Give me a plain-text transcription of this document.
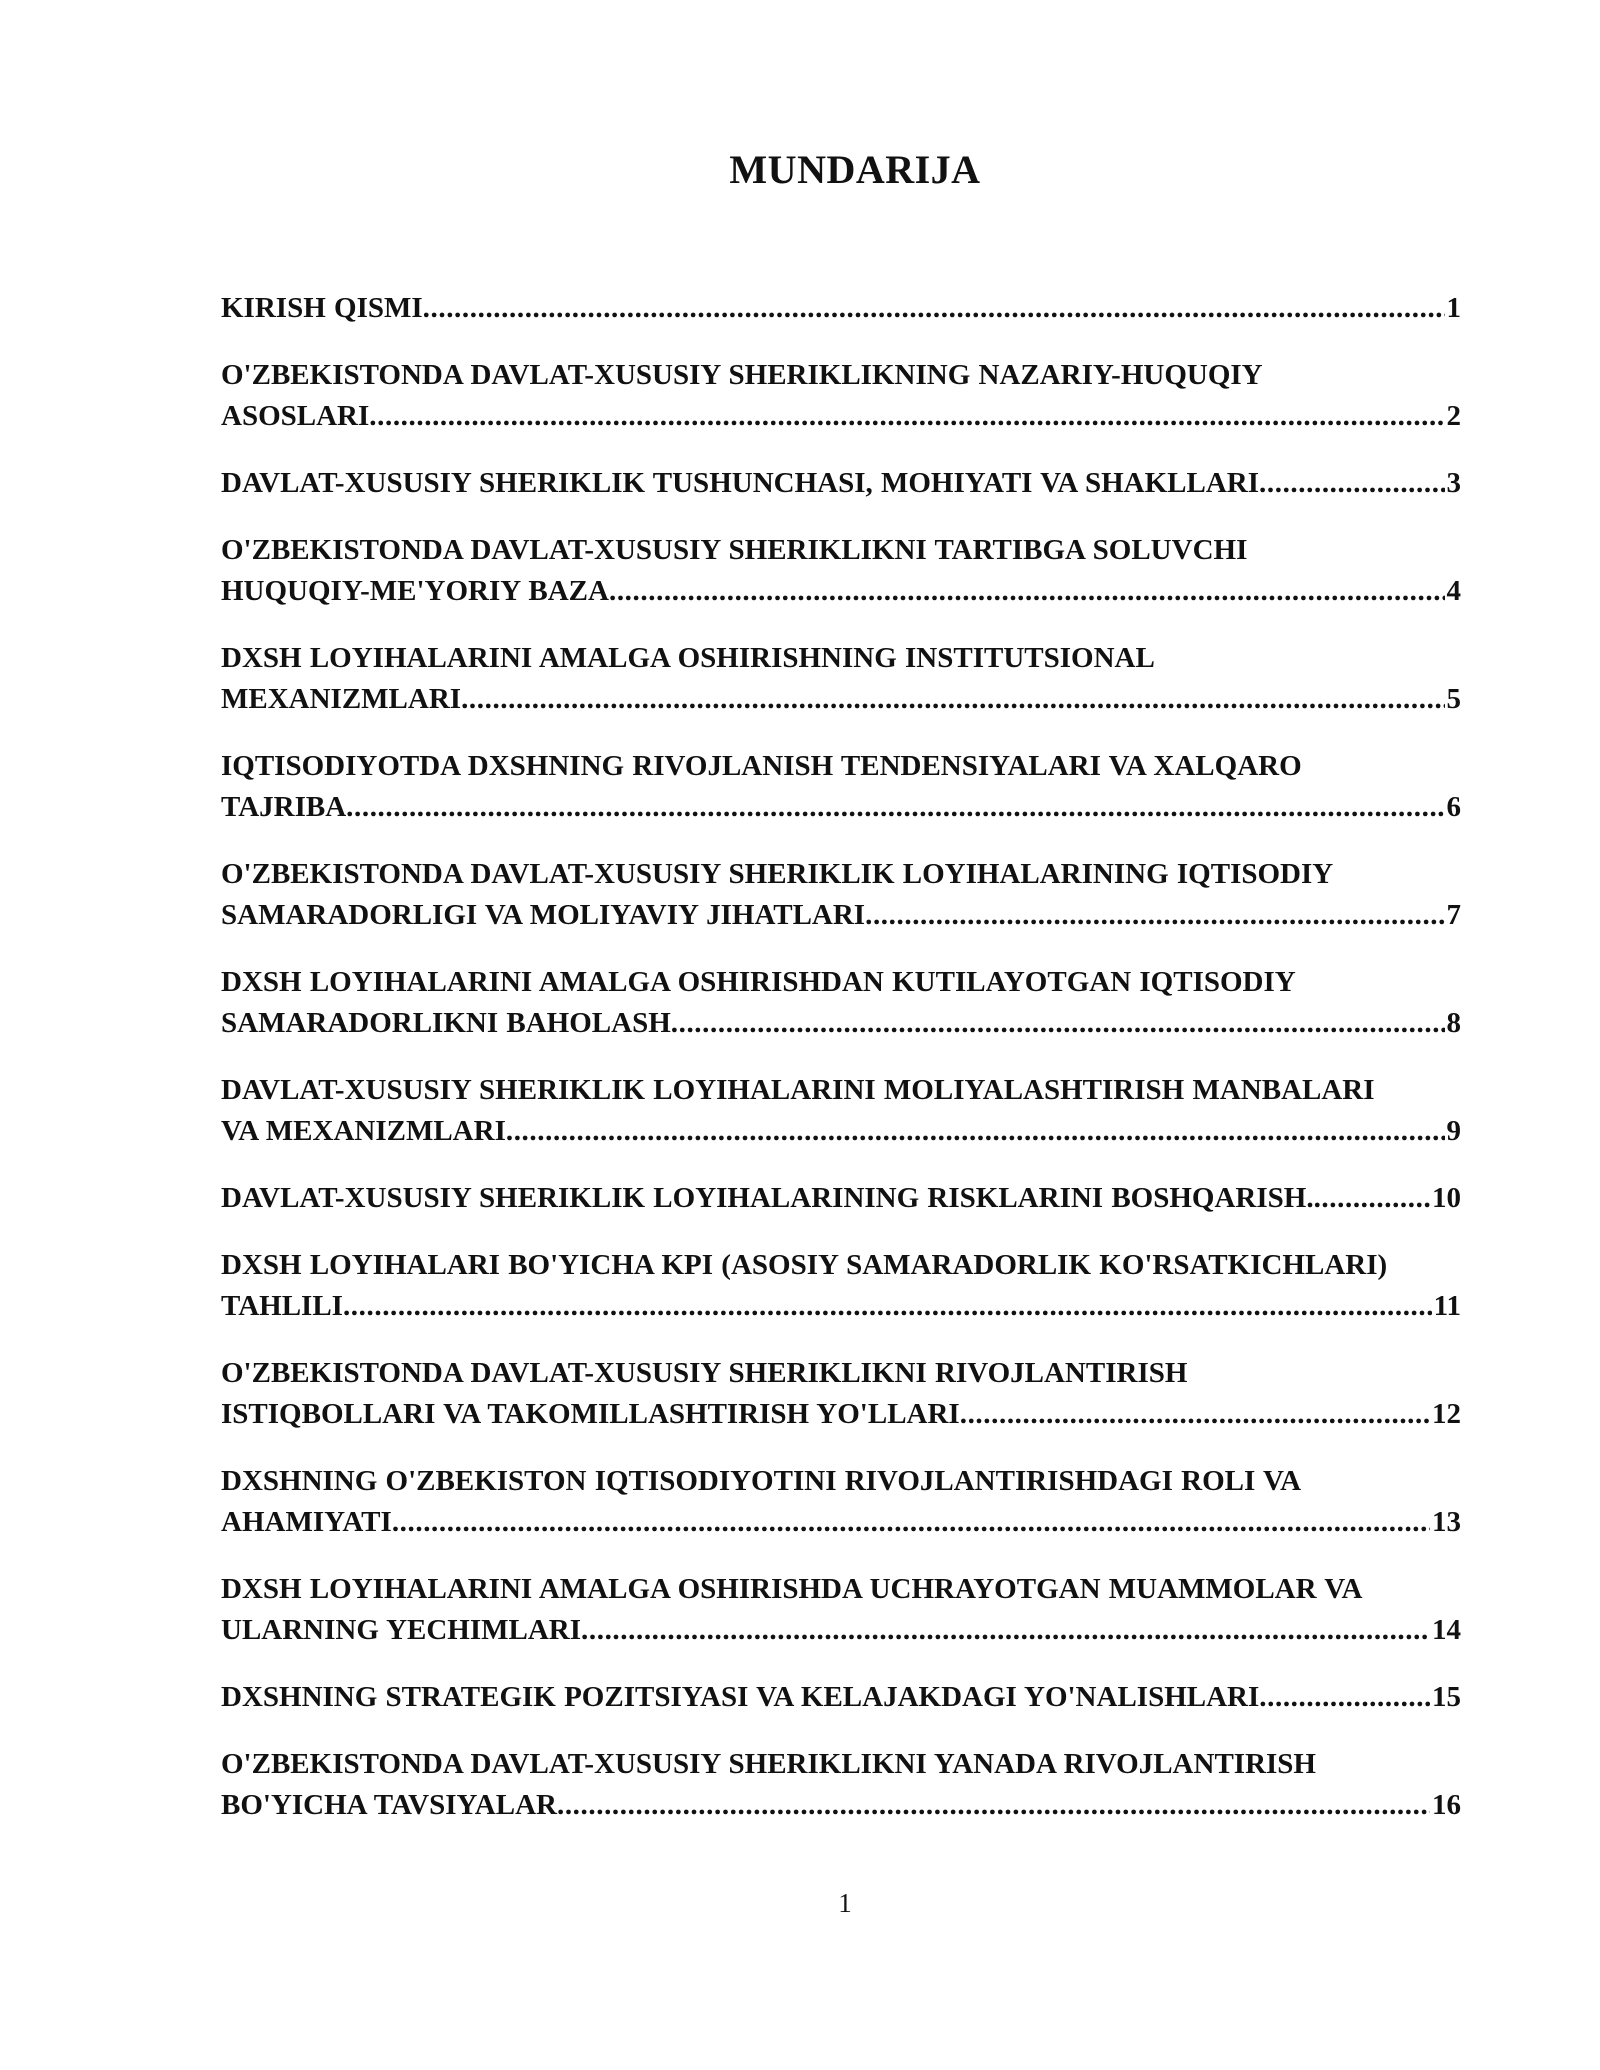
MUNDARIJA
KIRISH QISMI .....	1
O'ZBEKISTONDA DAVLAT-XUSUSIY SHERIKLIKNING NAZARIY-HUQUQIY
ASOSLARI .....	2
DAVLAT-XUSUSIY SHERIKLIK TUSHUNCHASI, MOHIYATI VA SHAKLLARI .....	3
O'ZBEKISTONDA DAVLAT-XUSUSIY SHERIKLIKNI TARTIBGA SOLUVCHI
HUQUQIY-ME'YORIY BAZA .....	4
DXSH LOYIHALARINI AMALGA OSHIRISHNING INSTITUTSIONAL
MEXANIZMLARI .....	5
IQTISODIYOTDA DXSHNING RIVOJLANISH TENDENSIYALARI VA XALQARO
TAJRIBA .....	6
O'ZBEKISTONDA DAVLAT-XUSUSIY SHERIKLIK LOYIHALARINING IQTISODIY
SAMARADORLIGI VA MOLIYAVIY JIHATLARI .....	7
DXSH LOYIHALARINI AMALGA OSHIRISHDAN KUTILAYOTGAN IQTISODIY
SAMARADORLIKNI BAHOLASH .....	8
DAVLAT-XUSUSIY SHERIKLIK LOYIHALARINI MOLIYALASHTIRISH MANBALARI
VA MEXANIZMLARI .....	9
DAVLAT-XUSUSIY SHERIKLIK LOYIHALARINING RISKLARINI BOSHQARISH. .....	10
DXSH LOYIHALARI BO'YICHA KPI (ASOSIY SAMARADORLIK KO'RSATKICHLARI)
TAHLILI .....	11
O'ZBEKISTONDA DAVLAT-XUSUSIY SHERIKLIKNI RIVOJLANTIRISH
ISTIQBOLLARI VA TAKOMILLASHTIRISH YO'LLARI .....	12
DXSHNING O'ZBEKISTON IQTISODIYOTINI RIVOJLANTIRISHDAGI ROLI VA
AHAMIYATI .....	13
DXSH LOYIHALARINI AMALGA OSHIRISHDA UCHRAYOTGAN MUAMMOLAR VA
ULARNING YECHIMLARI .....	14
DXSHNING STRATEGIK POZITSIYASI VA KELAJAKDAGI YO'NALISHLARI .....	15
O'ZBEKISTONDA DAVLAT-XUSUSIY SHERIKLIKNI YANADA RIVOJLANTIRISH
BO'YICHA TAVSIYALAR .....	16
1
